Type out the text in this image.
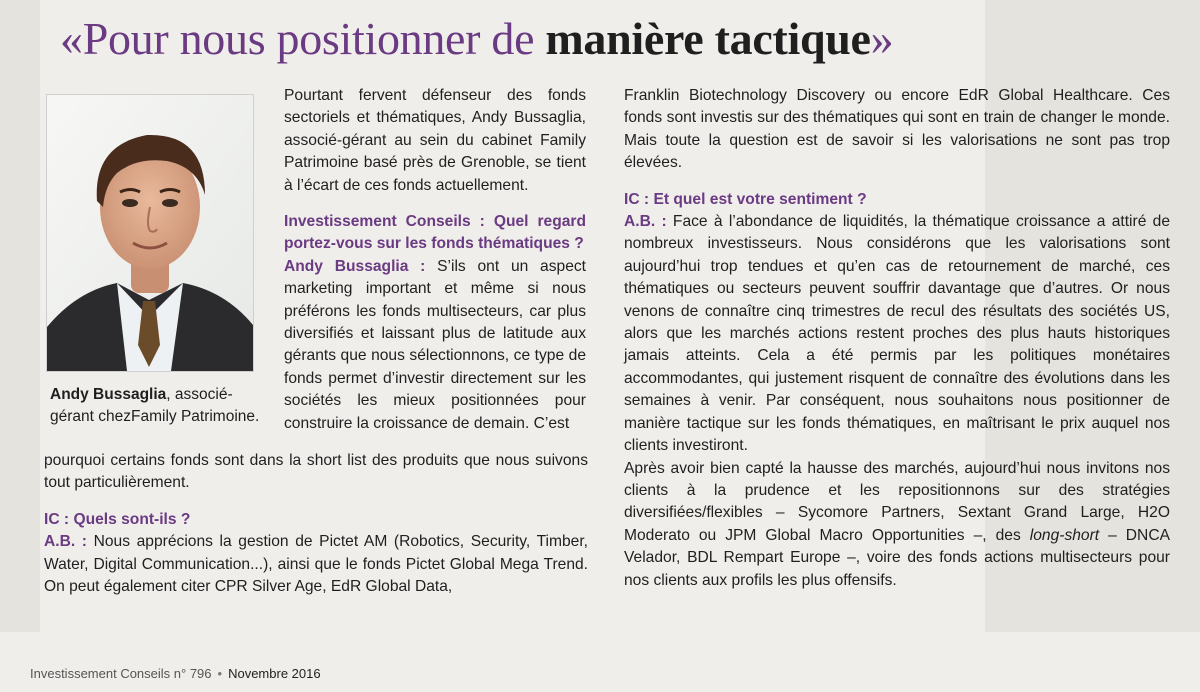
«Pour nous positionner de manière tactique»
Andy Bussaglia, associé-gérant chezFamily Patrimoine.

Pourtant fervent défenseur des fonds sectoriels et thématiques, Andy Bussaglia, associé-gérant au sein du cabinet Family Patrimoine basé près de Grenoble, se tient à l’écart de ces fonds actuellement.

Investissement Conseils : Quel regard portez-vous sur les fonds thématiques ?

Andy Bussaglia : S’ils ont un aspect marketing important et même si nous préférons les fonds multisecteurs, car plus diversifiés et laissant plus de latitude aux gérants que nous sélectionnons, ce type de fonds permet d’investir directement sur les sociétés les mieux positionnées pour construire la croissance de demain. C’est

pourquoi certains fonds sont dans la short list des produits que nous suivons tout particulièrement.

IC : Quels sont-ils ?

A.B. : Nous apprécions la gestion de Pictet AM (Robotics, Security, Timber, Water, Digital Communication...), ainsi que le fonds Pictet Global Mega Trend. On peut également citer CPR Silver Age, EdR Global Data,

Franklin Biotechnology Discovery ou encore EdR Global Healthcare. Ces fonds sont investis sur des thématiques qui sont en train de changer le monde. Mais toute la question est de savoir si les valorisations ne sont pas trop élevées.

IC : Et quel est votre sentiment ?

A.B. : Face à l’abondance de liquidités, la thématique croissance a attiré de nombreux investisseurs. Nous considérons que les valorisations sont aujourd’hui trop tendues et qu’en cas de retournement de marché, ces thématiques ou secteurs peuvent souffrir davantage que d’autres. Or nous venons de connaître cinq trimestres de recul des résultats des sociétés US, alors que les marchés actions restent proches des plus hauts historiques jamais atteints. Cela a été permis par les politiques monétaires accommodantes, qui justement risquent de connaître des évolutions dans les semaines à venir. Par conséquent, nous souhaitons nous positionner de manière tactique sur les fonds thématiques, en maîtrisant le prix auquel nos clients investiront.

Après avoir bien capté la hausse des marchés, aujourd’hui nous invitons nos clients à la prudence et les repositionnons sur des stratégies diversifiées/flexibles – Sycomore Partners, Sextant Grand Large, H2O Moderato ou JPM Global Macro Opportunities –, des long-short – DNCA Velador, BDL Rempart Europe –, voire des fonds actions multisecteurs pour nos clients aux profils les plus offensifs.

Investissement Conseils n° 796 • Novembre 2016
